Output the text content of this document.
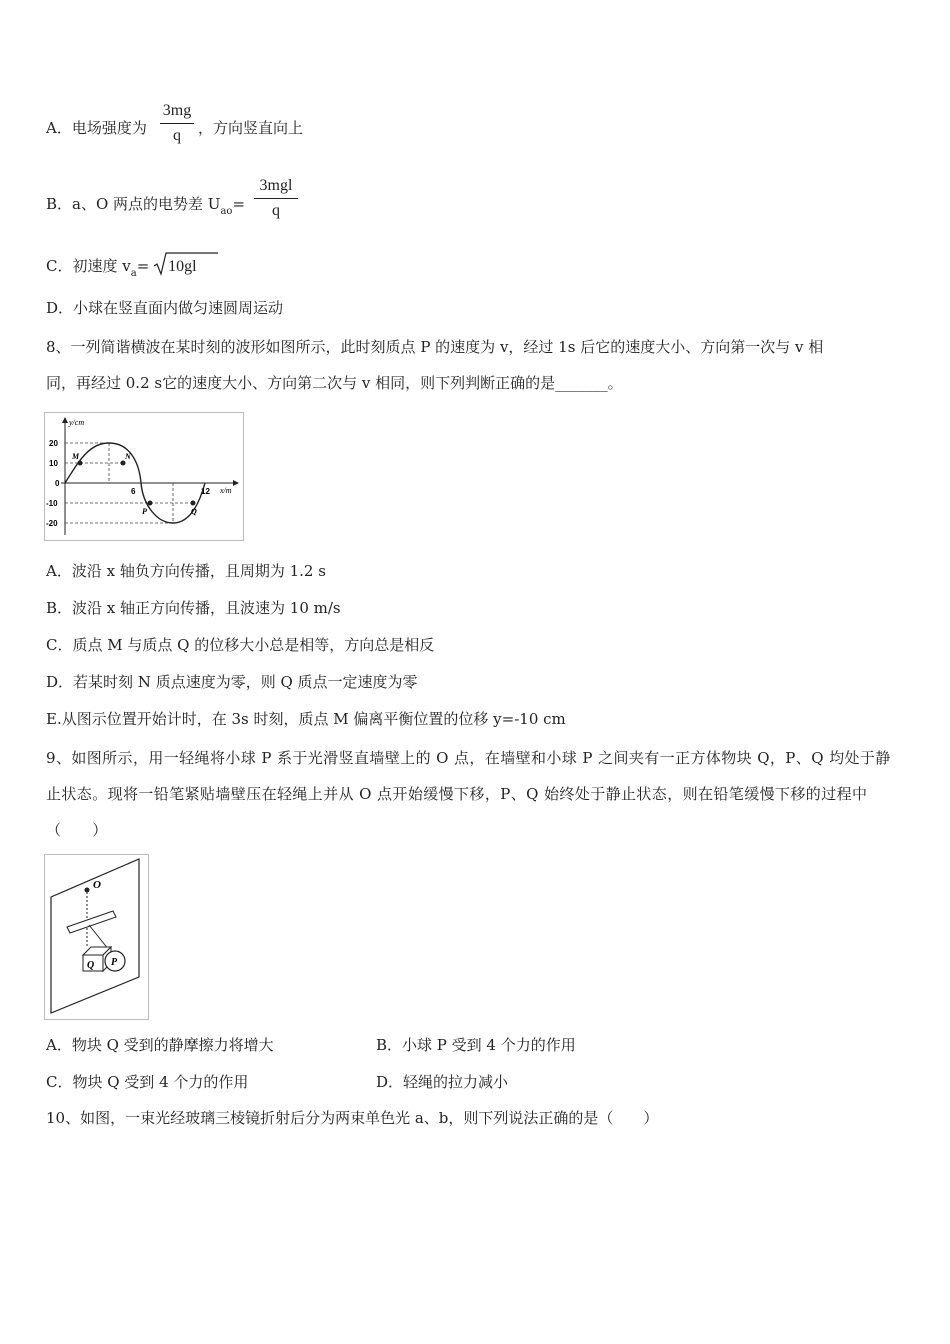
A．电场强度为
3mg
q	，方向竖直向上
B．a、O 两点的电势差 $U_{ao}=$
3mgl
q
C．初速度 $v_a= 10gl$
D．小球在竖直面内做匀速圆周运动
8、一列简谐横波在某时刻的波形如图所示，此时刻质点 P 的速度为 v，经过 1s 后它的速度大小、方向第一次与 v 相
同，再经过 0.2 s它的速度大小、方向第二次与 v 相同，则下列判断正确的是_______。
y/cm
x/m
20
10
0
-10
-20
6	12
M	N
P	Q
A．波沿 x 轴负方向传播，且周期为 1.2 s
B．波沿 x 轴正方向传播，且波速为 10 m/s
C．质点 M 与质点 Q 的位移大小总是相等，方向总是相反
D．若某时刻 N 质点速度为零，则 Q 质点一定速度为零
E.从图示位置开始计时，在 3s 时刻，质点 M 偏离平衡位置的位移 y=-10 cm
9、如图所示，用一轻绳将小球 P 系于光滑竖直墙壁上的 O 点，在墙壁和小球 P 之间夹有一正方体物块 Q，P、Q 均处于静止状态。现将一铅笔紧贴墙壁压在轻绳上并从 O 点开始缓慢下移，P、Q 始终处于静止状态，则在铅笔缓慢下移的过程中（　　）
O
Q P
A．物块 Q 受到的静摩擦力将增大	B．小球 P 受到 4 个力的作用
C．物块 Q 受到 4 个力的作用	D．轻绳的拉力减小
10、如图，一束光经玻璃三棱镜折射后分为两束单色光 a、b，则下列说法正确的是（　　）
